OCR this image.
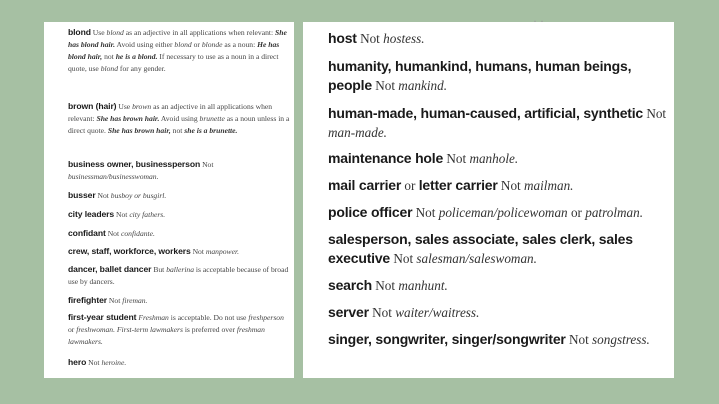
blond Use blond as an adjective in all applications when relevant: She has blond hair. Avoid using either blond or blonde as a noun: He has blond hair, not he is a blond. If necessary to use as a noun in a direct quote, use blond for any gender.
brown (hair) Use brown as an adjective in all applications when relevant: She has brown hair. Avoid using brunette as a noun unless in a direct quote. She has brown hair, not she is a brunette.
business owner, businessperson Not businessman/businesswoman.
busser Not busboy or busgirl.
city leaders Not city fathers.
confidant Not confidante.
crew, staff, workforce, workers Not manpower.
dancer, ballet dancer But ballerina is acceptable because of broad use by dancers.
firefighter Not fireman.
first-year student Freshman is acceptable. Do not use freshperson or freshwoman. First-term lawmakers is preferred over freshman lawmakers.
hero Not heroine.
· ·
host Not hostess.
humanity, humankind, humans, human beings, people Not mankind.
human-made, human-caused, artificial, synthetic Not man-made.
maintenance hole Not manhole.
mail carrier or letter carrier Not mailman.
police officer Not policeman/policewoman or patrolman.
salesperson, sales associate, sales clerk, sales executive Not salesman/saleswoman.
search Not manhunt.
server Not waiter/waitress.
singer, songwriter, singer/songwriter Not songstress.
